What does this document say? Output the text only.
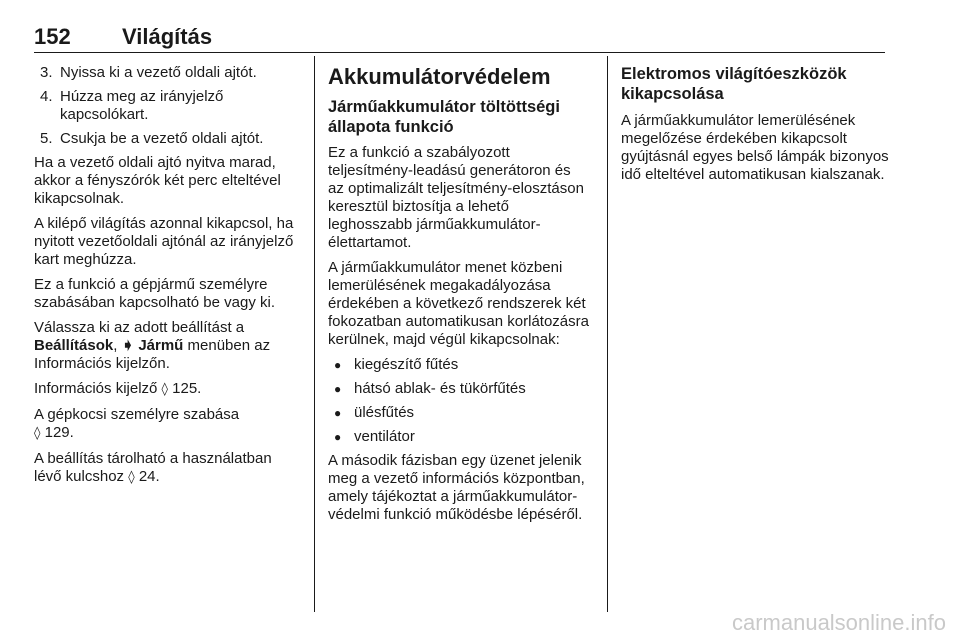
152 Világítás
3. Nyissa ki a vezető oldali ajtót.
4. Húzza meg az irányjelző kapcsolókart.
5. Csukja be a vezető oldali ajtót.

Ha a vezető oldali ajtó nyitva marad, akkor a fényszórók két perc elteltével kikapcsolnak.

A kilépő világítás azonnal kikapcsol, ha nyitott vezetőoldali ajtónál az irányjelző kart meghúzza.

Ez a funkció a gépjármű személyre szabásában kapcsolható be vagy ki.

Válassza ki az adott beállítást a Beállítások, ➧ Jármű menüben az Információs kijelzőn.

Információs kijelző ◊ 125.

A gépkocsi személyre szabása
◊ 129.

A beállítás tárolható a használatban lévő kulcshoz ◊ 24.

Akkumulátorvédelem
Járműakkumulátor töltöttségi állapota funkció

Ez a funkció a szabályozott teljesítmény-leadású generátoron és az optimalizált teljesítmény-elosztáson keresztül biztosítja a lehető leghosszabb járműakkumulátor-élettartamot.

A járműakkumulátor menet közbeni lemerülésének megakadályozása érdekében a következő rendszerek két fokozatban automatikusan korlátozásra kerülnek, majd végül kikapcsolnak:

● kiegészítő fűtés
● hátsó ablak- és tükörfűtés
● ülésfűtés
● ventilátor

A második fázisban egy üzenet jelenik meg a vezető információs központban, amely tájékoztat a járműakkumulátor-védelmi funkció működésbe lépéséről.

Elektromos világítóeszközök kikapcsolása

A járműakkumulátor lemerülésének megelőzése érdekében kikapcsolt gyújtásnál egyes belső lámpák bizonyos idő elteltével automatikusan kialszanak.

carmanualsonline.info
